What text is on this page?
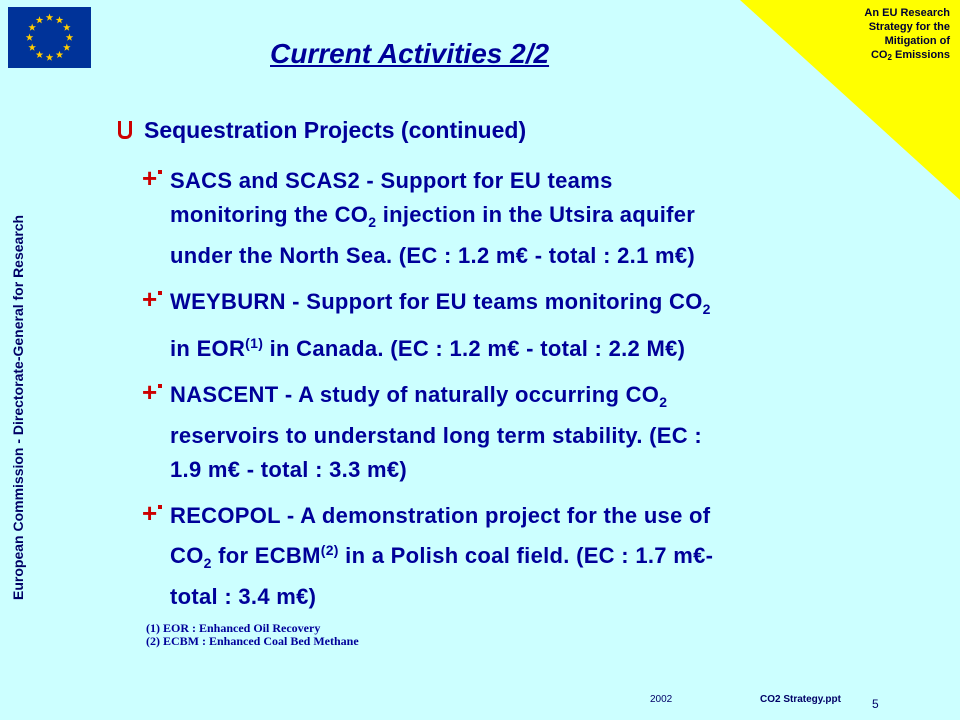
An EU Research
Strategy for the
Mitigation of
$CO_2$ Emissions
European Commission - Directorate-General for Research
Current Activities 2/2
Sequestration Projects (continued)
+ SACS and SCAS2 - Support for EU teams
monitoring the $CO_2$ injection in the Utsira aquifer
under the North Sea. (EC : 1.2 m€ - total : 2.1 m€)
+ WEYBURN - Support for EU teams monitoring $CO_2$
in EOR$^{(1)}$ in Canada. (EC : 1.2 m€ - total : 2.2 M€)
+ NASCENT - A study of naturally occurring $CO_2$
reservoirs to understand long term stability. (EC :
1.9 m€ - total : 3.3 m€)
+ RECOPOL - A demonstration project for the use of
$CO_2$ for ECBM$^{(2)}$ in a Polish coal field. (EC : 1.7 m€-
total : 3.4 m€)
(1) EOR : Enhanced Oil Recovery
(2) ECBM : Enhanced Coal Bed Methane
2002	CO2 Strategy.ppt	5
